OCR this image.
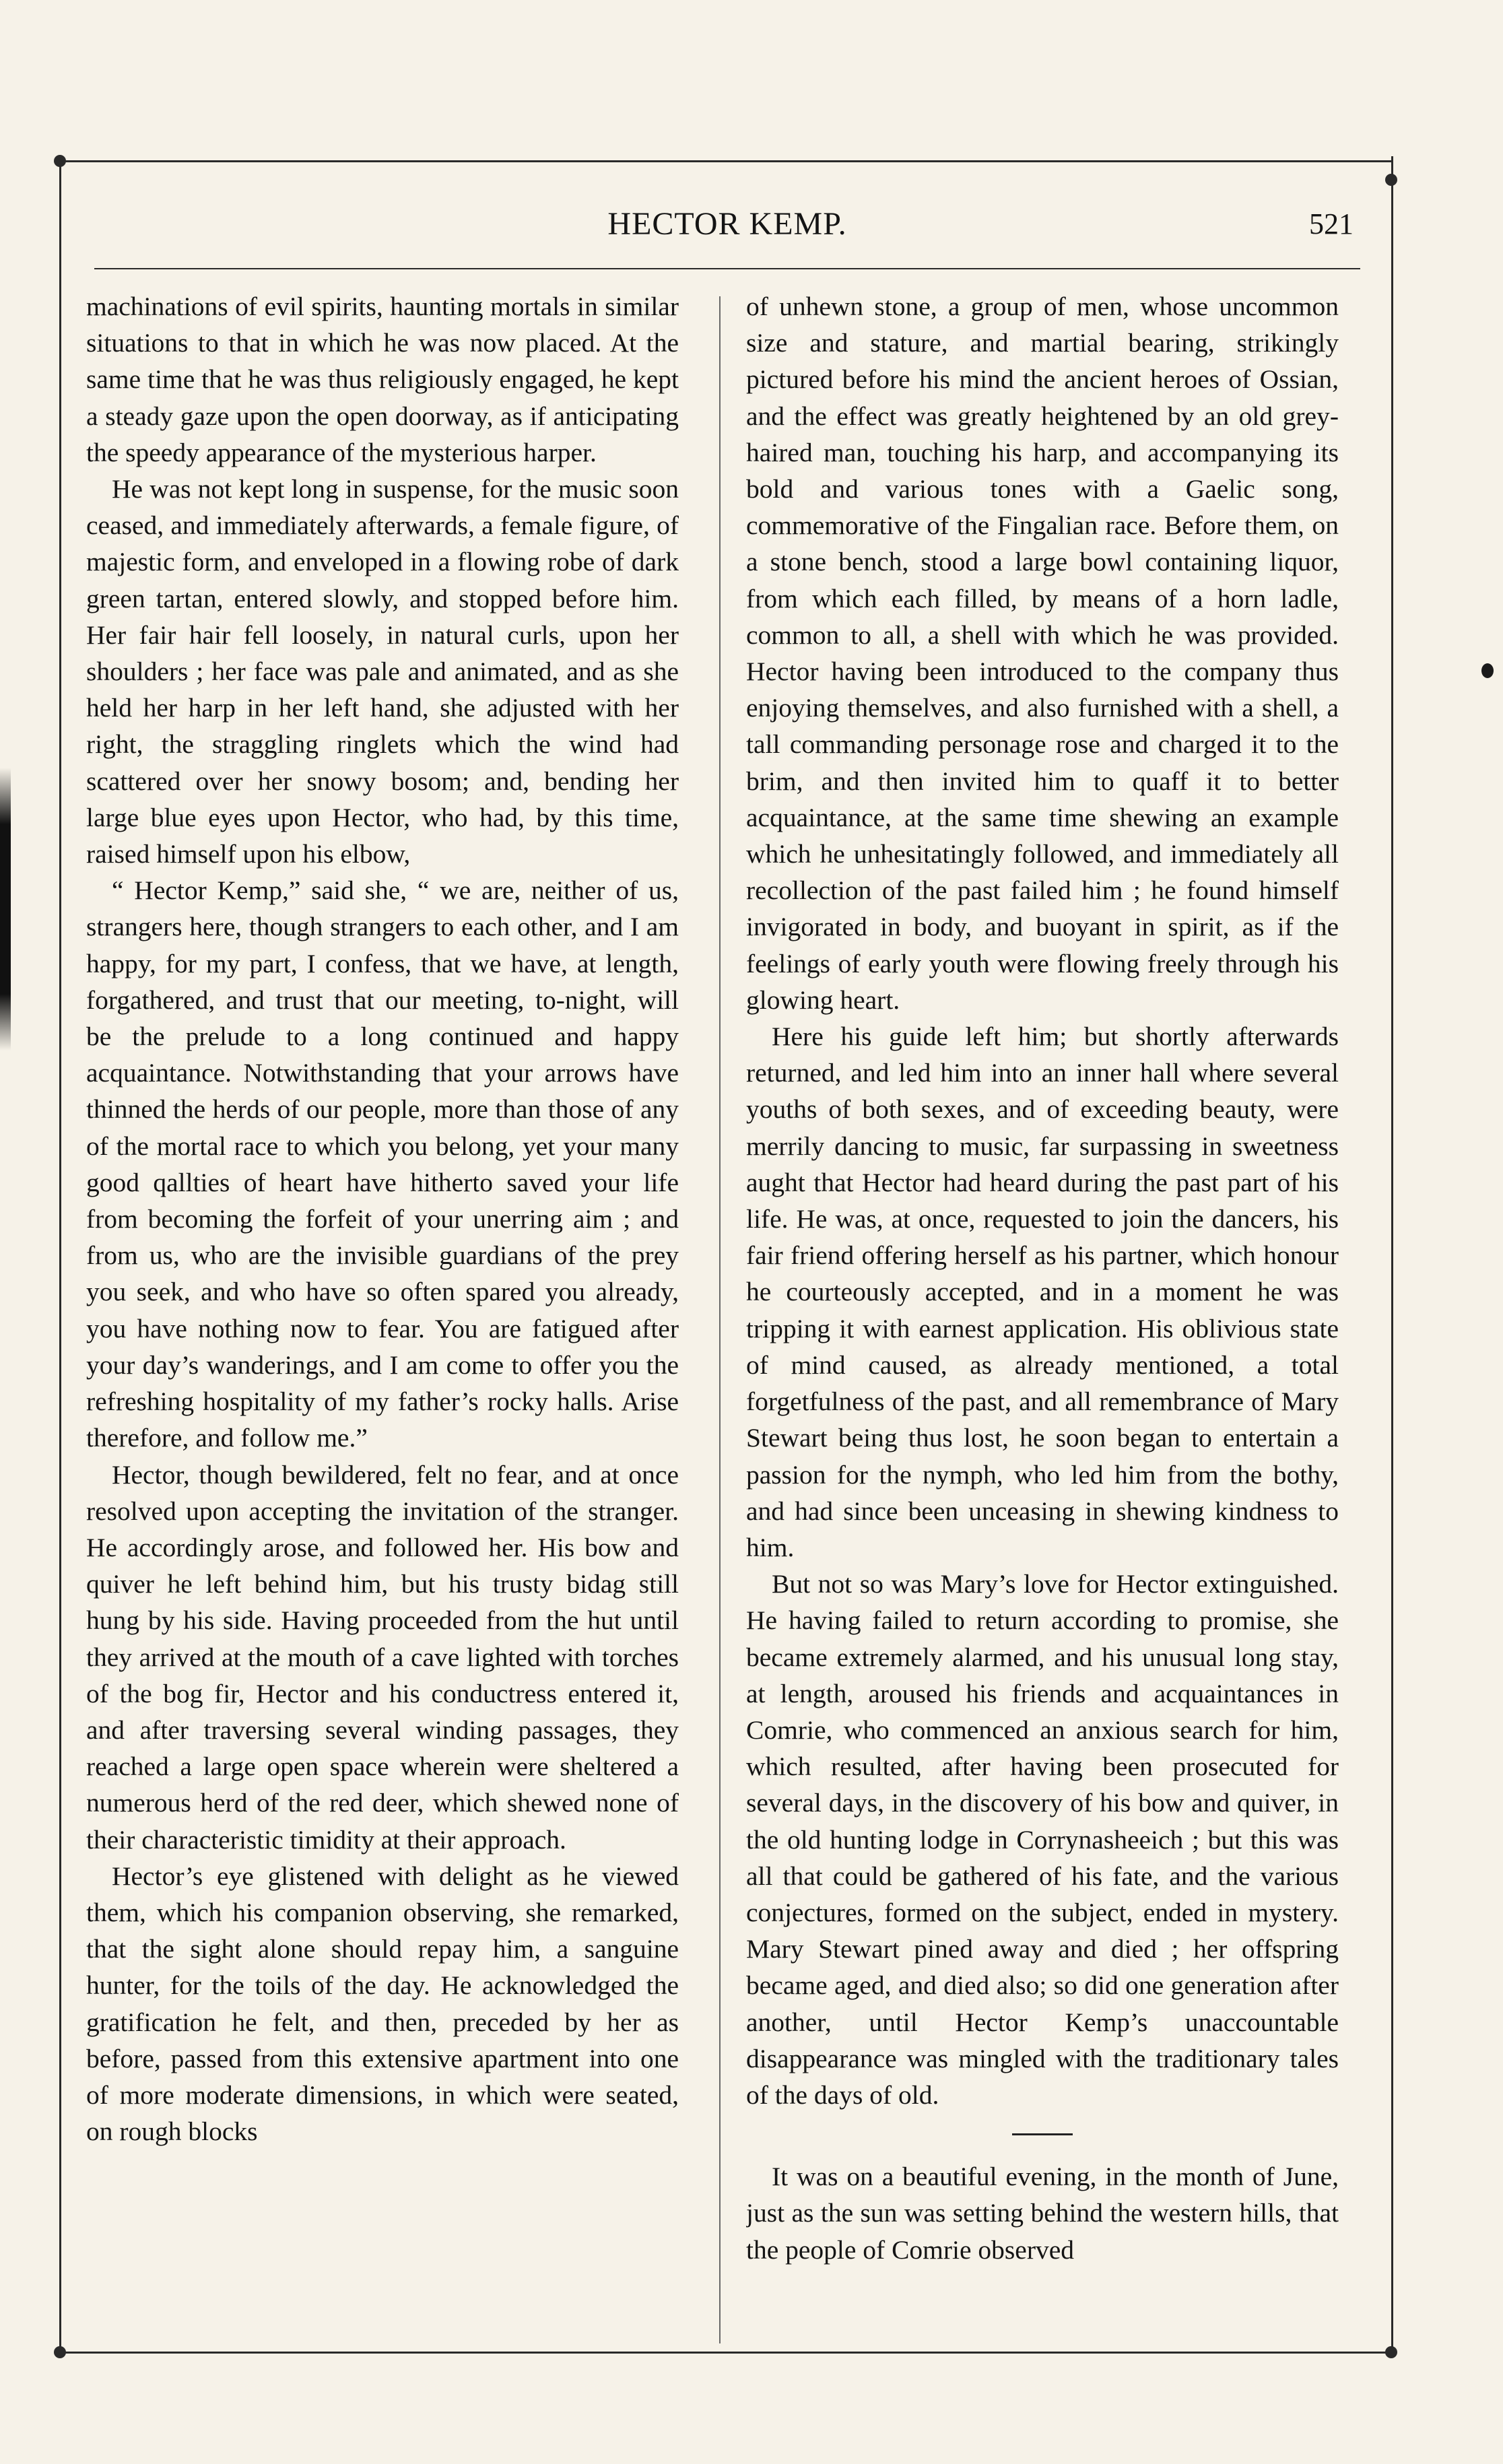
HECTOR KEMP.	521

machinations of evil spirits, haunting mortals in similar situations to that in which he was now placed. At the same time that he was thus religiously engaged, he kept a steady gaze upon the open doorway, as if anticipating the speedy appearance of the mysterious harper.

He was not kept long in suspense, for the music soon ceased, and immediately afterwards, a female figure, of majestic form, and enveloped in a flowing robe of dark green tartan, entered slowly, and stopped before him. Her fair hair fell loosely, in natural curls, upon her shoulders ; her face was pale and animated, and as she held her harp in her left hand, she adjusted with her right, the straggling ringlets which the wind had scattered over her snowy bosom; and, bending her large blue eyes upon Hector, who had, by this time, raised himself upon his elbow,

“ Hector Kemp,” said she, “ we are, neither of us, strangers here, though strangers to each other, and I am happy, for my part, I confess, that we have, at length, forgathered, and trust that our meeting, to-night, will be the prelude to a long continued and happy acquaintance. Notwithstanding that your arrows have thinned the herds of our people, more than those of any of the mortal race to which you belong, yet your many good qallties of heart have hitherto saved your life from becoming the forfeit of your unerring aim ; and from us, who are the invisible guardians of the prey you seek, and who have so often spared you already, you have nothing now to fear. You are fatigued after your day’s wanderings, and I am come to offer you the refreshing hospitality of my father’s rocky halls. Arise therefore, and follow me.”

Hector, though bewildered, felt no fear, and at once resolved upon accepting the invitation of the stranger. He accordingly arose, and followed her. His bow and quiver he left behind him, but his trusty bidag still hung by his side. Having proceeded from the hut until they arrived at the mouth of a cave lighted with torches of the bog fir, Hector and his conductress entered it, and after traversing several winding passages, they reached a large open space wherein were sheltered a numerous herd of the red deer, which shewed none of their characteristic timidity at their approach.

Hector’s eye glistened with delight as he viewed them, which his companion observing, she remarked, that the sight alone should repay him, a sanguine hunter, for the toils of the day. He acknowledged the gratification he felt, and then, preceded by her as before, passed from this extensive apartment into one of more moderate dimensions, in which were seated, on rough blocks

of unhewn stone, a group of men, whose uncommon size and stature, and martial bearing, strikingly pictured before his mind the ancient heroes of Ossian, and the effect was greatly heightened by an old grey-haired man, touching his harp, and accompanying its bold and various tones with a Gaelic song, commemorative of the Fingalian race. Before them, on a stone bench, stood a large bowl containing liquor, from which each filled, by means of a horn ladle, common to all, a shell with which he was provided. Hector having been introduced to the company thus enjoying themselves, and also furnished with a shell, a tall commanding personage rose and charged it to the brim, and then invited him to quaff it to better acquaintance, at the same time shewing an example which he unhesitatingly followed, and immediately all recollection of the past failed him ; he found himself invigorated in body, and buoyant in spirit, as if the feelings of early youth were flowing freely through his glowing heart.

Here his guide left him; but shortly afterwards returned, and led him into an inner hall where several youths of both sexes, and of exceeding beauty, were merrily dancing to music, far surpassing in sweetness aught that Hector had heard during the past part of his life. He was, at once, requested to join the dancers, his fair friend offering herself as his partner, which honour he courteously accepted, and in a moment he was tripping it with earnest application. His oblivious state of mind caused, as already mentioned, a total forgetfulness of the past, and all remembrance of Mary Stewart being thus lost, he soon began to entertain a passion for the nymph, who led him from the bothy, and had since been unceasing in shewing kindness to him.

But not so was Mary’s love for Hector extinguished. He having failed to return according to promise, she became extremely alarmed, and his unusual long stay, at length, aroused his friends and acquaintances in Comrie, who commenced an anxious search for him, which resulted, after having been prosecuted for several days, in the discovery of his bow and quiver, in the old hunting lodge in Corrynasheeich ; but this was all that could be gathered of his fate, and the various conjectures, formed on the subject, ended in mystery. Mary Stewart pined away and died ; her offspring became aged, and died also; so did one generation after another, until Hector Kemp’s unaccountable disappearance was mingled with the traditionary tales of the days of old.

It was on a beautiful evening, in the month of June, just as the sun was setting behind the western hills, that the people of Comrie observed
